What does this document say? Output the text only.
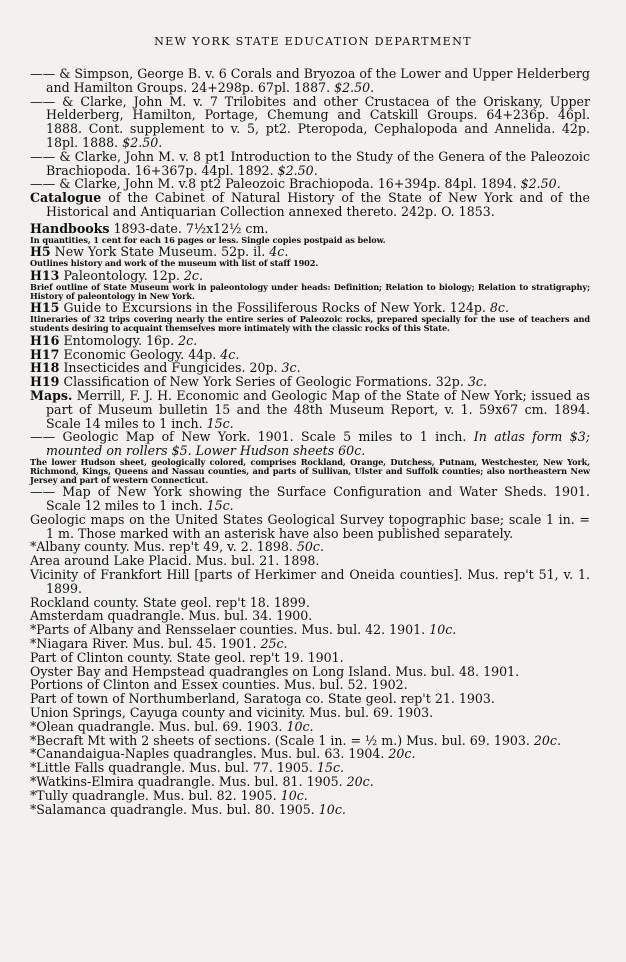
NEW YORK STATE EDUCATION DEPARTMENT

—— & Simpson, George B. v. 6 Corals and Bryozoa of the Lower and Upper Helderberg and Hamilton Groups. 24+298p. 67pl. 1887. $2.50.

—— & Clarke, John M. v. 7 Trilobites and other Crustacea of the Oriskany, Upper Helderberg, Hamilton, Portage, Chemung and Catskill Groups. 64+236p. 46pl. 1888. Cont. supplement to v. 5, pt2. Pteropoda, Cephalopoda and Annelida. 42p. 18pl. 1888. $2.50.

—— & Clarke, John M. v. 8 pt1 Introduction to the Study of the Genera of the Paleozoic Brachiopoda. 16+367p. 44pl. 1892. $2.50.

—— & Clarke, John M. v.8 pt2 Paleozoic Brachiopoda. 16+394p. 84pl. 1894. $2.50.

Catalogue of the Cabinet of Natural History of the State of New York and of the Historical and Antiquarian Collection annexed thereto. 242p. O. 1853.

Handbooks 1893-date. 7½x12½ cm.

In quantities, 1 cent for each 16 pages or less. Single copies postpaid as below.

H5 New York State Museum. 52p. il. 4c.

Outlines history and work of the museum with list of staff 1902.

H13 Paleontology. 12p. 2c.

Brief outline of State Museum work in paleontology under heads: Definition; Relation to biology; Relation to stratigraphy; History of paleontology in New York.

H15 Guide to Excursions in the Fossiliferous Rocks of New York. 124p. 8c.

Itineraries of 32 trips covering nearly the entire series of Paleozoic rocks, prepared specially for the use of teachers and students desiring to acquaint themselves more intimately with the classic rocks of this State.

H16 Entomology. 16p. 2c.

H17 Economic Geology. 44p. 4c.

H18 Insecticides and Fungicides. 20p. 3c.

H19 Classification of New York Series of Geologic Formations. 32p. 3c.

Maps. Merrill, F. J. H. Economic and Geologic Map of the State of New York; issued as part of Museum bulletin 15 and the 48th Museum Report, v. 1. 59x67 cm. 1894. Scale 14 miles to 1 inch. 15c.

—— Geologic Map of New York. 1901. Scale 5 miles to 1 inch. In atlas form $3; mounted on rollers $5. Lower Hudson sheets 60c.

The lower Hudson sheet, geologically colored, comprises Rockland, Orange, Dutchess, Putnam, Westchester, New York, Richmond, Kings, Queens and Nassau counties, and parts of Sullivan, Ulster and Suffolk counties; also northeastern New Jersey and part of western Connecticut.

—— Map of New York showing the Surface Configuration and Water Sheds. 1901. Scale 12 miles to 1 inch. 15c.

Geologic maps on the United States Geological Survey topographic base; scale 1 in. = 1 m. Those marked with an asterisk have also been published separately.

*Albany county. Mus. rep't 49, v. 2. 1898. 50c.

Area around Lake Placid. Mus. bul. 21. 1898.

Vicinity of Frankfort Hill [parts of Herkimer and Oneida counties]. Mus. rep't 51, v. 1. 1899.

Rockland county. State geol. rep't 18. 1899.

Amsterdam quadrangle. Mus. bul. 34. 1900.

*Parts of Albany and Rensselaer counties. Mus. bul. 42. 1901. 10c.

*Niagara River. Mus. bul. 45. 1901. 25c.

Part of Clinton county. State geol. rep't 19. 1901.

Oyster Bay and Hempstead quadrangles on Long Island. Mus. bul. 48. 1901.

Portions of Clinton and Essex counties. Mus. bul. 52. 1902.

Part of town of Northumberland, Saratoga co. State geol. rep't 21. 1903.

Union Springs, Cayuga county and vicinity. Mus. bul. 69. 1903.

*Olean quadrangle. Mus. bul. 69. 1903. 10c.

*Becraft Mt with 2 sheets of sections. (Scale 1 in. = ½ m.) Mus. bul. 69. 1903. 20c.

*Canandaigua-Naples quadrangles. Mus. bul. 63. 1904. 20c.

*Little Falls quadrangle. Mus. bul. 77. 1905. 15c.

*Watkins-Elmira quadrangle. Mus. bul. 81. 1905. 20c.

*Tully quadrangle. Mus. bul. 82. 1905. 10c.

*Salamanca quadrangle. Mus. bul. 80. 1905. 10c.
